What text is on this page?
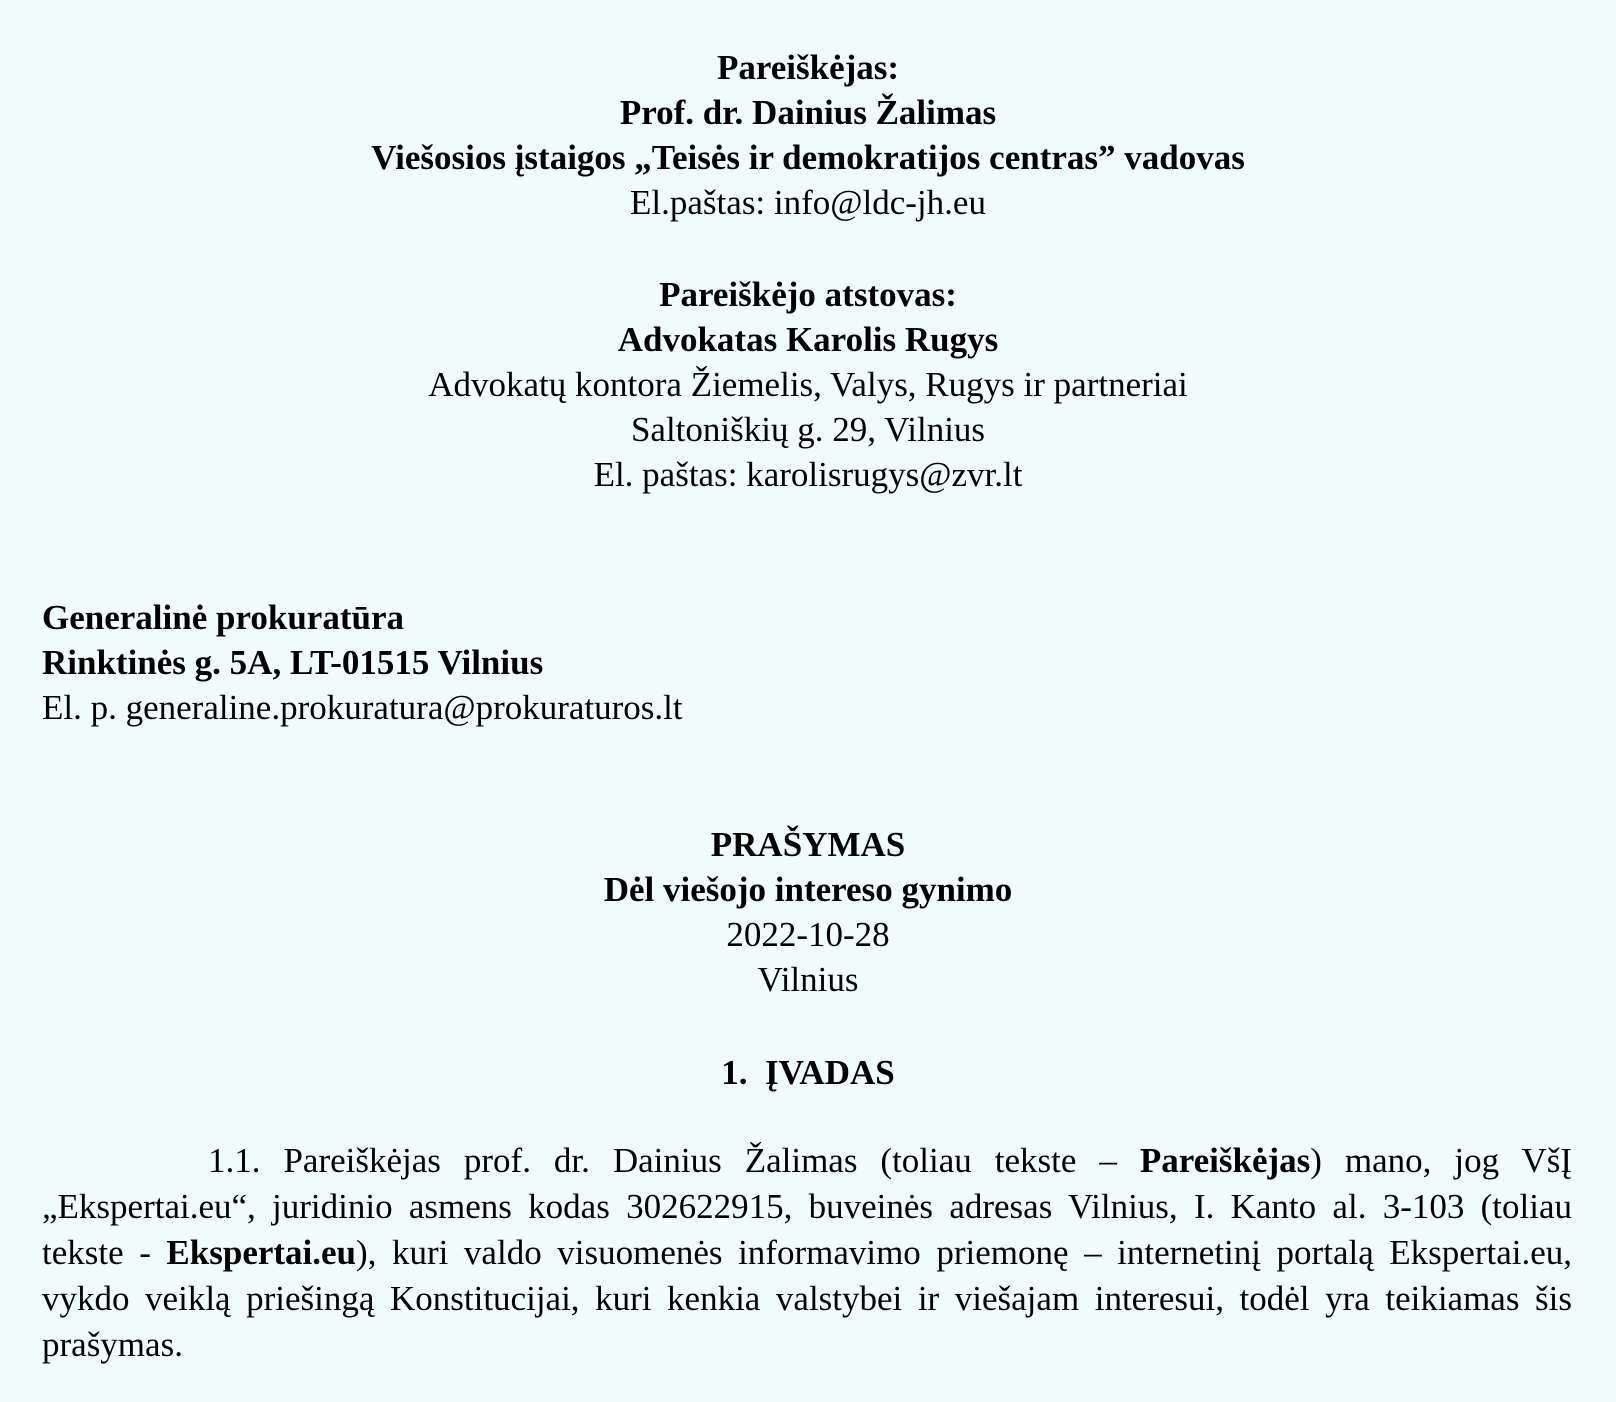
Pareiškėjas:
Prof. dr. Dainius Žalimas
Viešosios įstaigos „Teisės ir demokratijos centras” vadovas
El.paštas: info@ldc-jh.eu
Pareiškėjo atstovas:
Advokatas Karolis Rugys
Advokatų kontora Žiemelis, Valys, Rugys ir partneriai
Saltoniškių g. 29, Vilnius
El. paštas: karolisrugys@zvr.lt
Generalinė prokuratūra
Rinktinės g. 5A, LT-01515 Vilnius
El. p. generaline.prokuratura@prokuraturos.lt
PRAŠYMAS
Dėl viešojo intereso gynimo
2022-10-28
Vilnius
1.  ĮVADAS
1.1. Pareiškėjas prof. dr. Dainius Žalimas (toliau tekste – Pareiškėjas) mano, jog VšĮ „Ekspertai.eu“, juridinio asmens kodas 302622915, buveinės adresas Vilnius, I. Kanto al. 3-103 (toliau tekste - Ekspertai.eu), kuri valdo visuomenės informavimo priemonę – internetinį portalą Ekspertai.eu, vykdo veiklą priešingą Konstitucijai, kuri kenkia valstybei ir viešajam interesui, todėl yra teikiamas šis prašymas.
